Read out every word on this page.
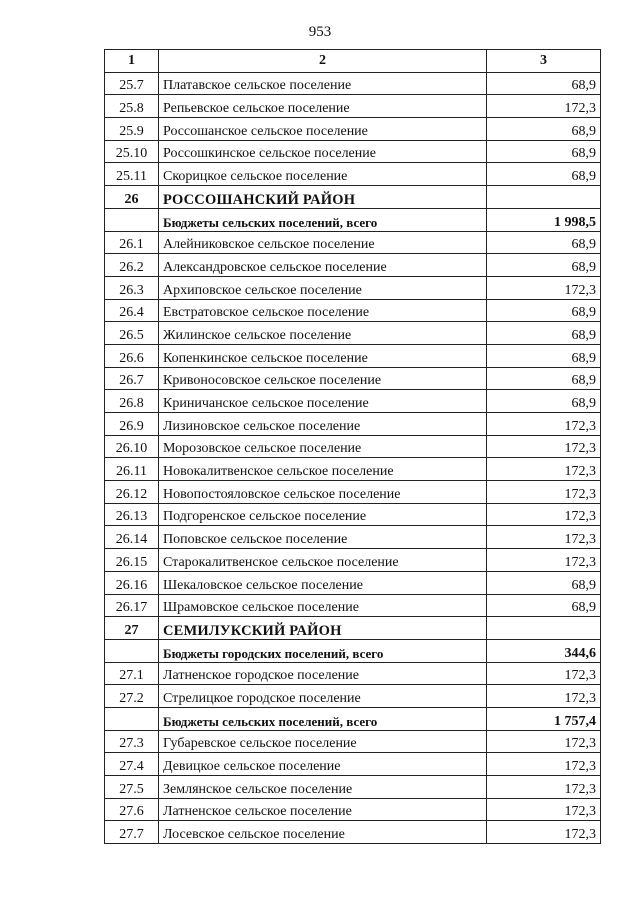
953
1	2	3
25.7	Платавское сельское поселение	68,9
25.8	Репьевское сельское поселение	172,3
25.9	Россошанское сельское поселение	68,9
25.10	Россошкинское сельское поселение	68,9
25.11	Скорицкое сельское поселение	68,9
26	РОССОШАНСКИЙ РАЙОН	
	Бюджеты сельских поселений, всего	1 998,5
26.1	Алейниковское сельское поселение	68,9
26.2	Александровское сельское поселение	68,9
26.3	Архиповское сельское поселение	172,3
26.4	Евстратовское сельское поселение	68,9
26.5	Жилинское сельское поселение	68,9
26.6	Копенкинское сельское поселение	68,9
26.7	Кривоносовское сельское поселение	68,9
26.8	Криничанское сельское поселение	68,9
26.9	Лизиновское сельское поселение	172,3
26.10	Морозовское сельское поселение	172,3
26.11	Новокалитвенское сельское поселение	172,3
26.12	Новопостояловское сельское поселение	172,3
26.13	Подгоренское сельское поселение	172,3
26.14	Поповское сельское поселение	172,3
26.15	Старокалитвенское сельское поселение	172,3
26.16	Шекаловское сельское поселение	68,9
26.17	Шрамовское сельское поселение	68,9
27	СЕМИЛУКСКИЙ РАЙОН	
	Бюджеты городских поселений, всего	344,6
27.1	Латненское городское поселение	172,3
27.2	Стрелицкое городское поселение	172,3
	Бюджеты сельских поселений, всего	1 757,4
27.3	Губаревское сельское поселение	172,3
27.4	Девицкое сельское поселение	172,3
27.5	Землянское сельское поселение	172,3
27.6	Латненское сельское поселение	172,3
27.7	Лосевское сельское поселение	172,3
